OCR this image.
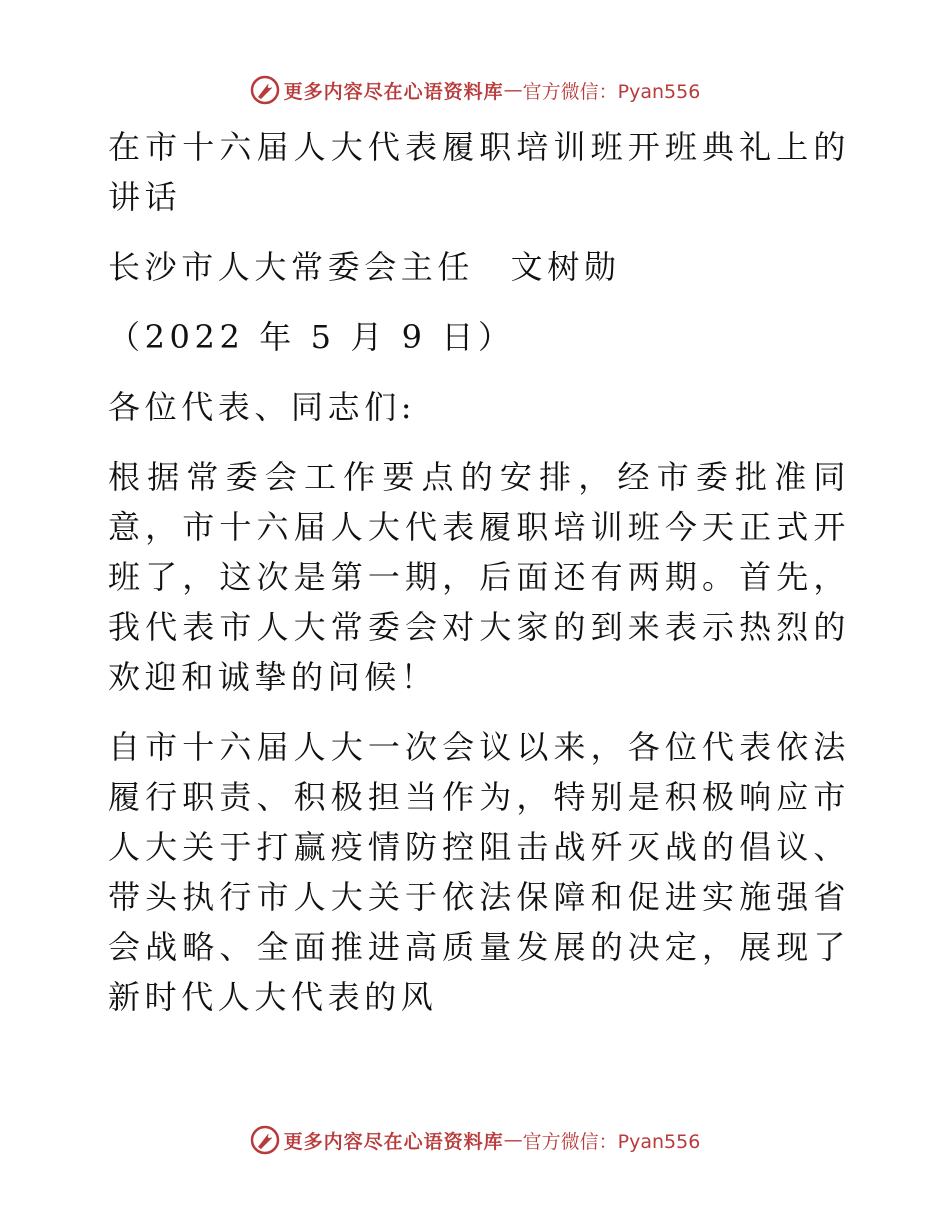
更多内容尽在心语资料库 — 官方微信：Pyan556

在市十六届人大代表履职培训班开班典礼上的讲话

长沙市人大常委会主任　文树勋

（2022 年 5 月 9 日）

各位代表、同志们:

根据常委会工作要点的安排，经市委批准同意，市十六届人大代表履职培训班今天正式开班了，这次是第一期，后面还有两期。首先，我代表市人大常委会对大家的到来表示热烈的欢迎和诚挚的问候！

自市十六届人大一次会议以来，各位代表依法履行职责、积极担当作为，特别是积极响应市人大关于打赢疫情防控阻击战歼灭战的倡议、带头执行市人大关于依法保障和促进实施强省会战略、全面推进高质量发展的决定，展现了新时代人大代表的风

更多内容尽在心语资料库 — 官方微信：Pyan556
